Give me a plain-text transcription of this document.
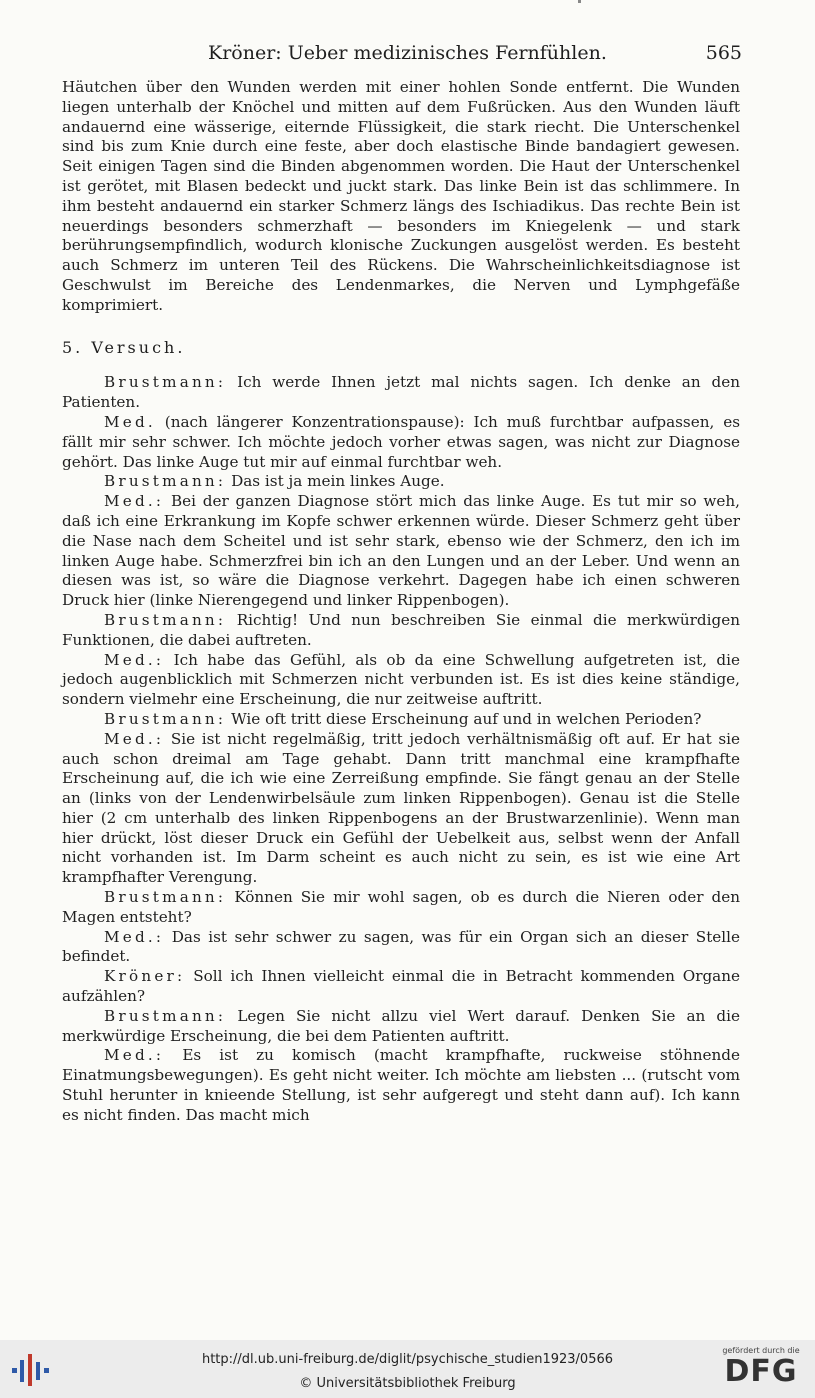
Kröner: Ueber medizinisches Fernfühlen.	565

Häutchen über den Wunden werden mit einer hohlen Sonde entfernt. Die Wunden liegen unterhalb der Knöchel und mitten auf dem Fußrücken. Aus den Wunden läuft andauernd eine wässerige, eiternde Flüssigkeit, die stark riecht. Die Unterschenkel sind bis zum Knie durch eine feste, aber doch elastische Binde bandagiert gewesen. Seit einigen Tagen sind die Binden abgenommen worden. Die Haut der Unterschenkel ist gerötet, mit Blasen bedeckt und juckt stark. Das linke Bein ist das schlimmere. In ihm besteht andauernd ein starker Schmerz längs des Ischiadikus. Das rechte Bein ist neuerdings besonders schmerzhaft — besonders im Kniegelenk — und stark berührungsempfindlich, wodurch klonische Zuckungen ausgelöst werden. Es besteht auch Schmerz im unteren Teil des Rückens. Die Wahrscheinlichkeitsdiagnose ist Geschwulst im Bereiche des Lendenmarkes, die Nerven und Lymphgefäße komprimiert.

5. Versuch.

Brustmann: Ich werde Ihnen jetzt mal nichts sagen. Ich denke an den Patienten.

Med. (nach längerer Konzentrationspause): Ich muß furchtbar aufpassen, es fällt mir sehr schwer. Ich möchte jedoch vorher etwas sagen, was nicht zur Diagnose gehört. Das linke Auge tut mir auf einmal furchtbar weh.

Brustmann: Das ist ja mein linkes Auge.

Med.: Bei der ganzen Diagnose stört mich das linke Auge. Es tut mir so weh, daß ich eine Erkrankung im Kopfe schwer erkennen würde. Dieser Schmerz geht über die Nase nach dem Scheitel und ist sehr stark, ebenso wie der Schmerz, den ich im linken Auge habe. Schmerzfrei bin ich an den Lungen und an der Leber. Und wenn an diesen was ist, so wäre die Diagnose verkehrt. Dagegen habe ich einen schweren Druck hier (linke Nierengegend und linker Rippenbogen).

Brustmann: Richtig! Und nun beschreiben Sie einmal die merkwürdigen Funktionen, die dabei auftreten.

Med.: Ich habe das Gefühl, als ob da eine Schwellung aufgetreten ist, die jedoch augenblicklich mit Schmerzen nicht verbunden ist. Es ist dies keine ständige, sondern vielmehr eine Erscheinung, die nur zeitweise auftritt.

Brustmann: Wie oft tritt diese Erscheinung auf und in welchen Perioden?

Med.: Sie ist nicht regelmäßig, tritt jedoch verhältnismäßig oft auf. Er hat sie auch schon dreimal am Tage gehabt. Dann tritt manchmal eine krampfhafte Erscheinung auf, die ich wie eine Zerreißung empfinde. Sie fängt genau an der Stelle an (links von der Lendenwirbelsäule zum linken Rippenbogen). Genau ist die Stelle hier (2 cm unterhalb des linken Rippenbogens an der Brustwarzenlinie). Wenn man hier drückt, löst dieser Druck ein Gefühl der Uebelkeit aus, selbst wenn der Anfall nicht vorhanden ist. Im Darm scheint es auch nicht zu sein, es ist wie eine Art krampfhafter Verengung.

Brustmann: Können Sie mir wohl sagen, ob es durch die Nieren oder den Magen entsteht?

Med.: Das ist sehr schwer zu sagen, was für ein Organ sich an dieser Stelle befindet.

Kröner: Soll ich Ihnen vielleicht einmal die in Betracht kommenden Organe aufzählen?

Brustmann: Legen Sie nicht allzu viel Wert darauf. Denken Sie an die merkwürdige Erscheinung, die bei dem Patienten auftritt.

Med.: Es ist zu komisch (macht krampfhafte, ruckweise stöhnende Einatmungsbewegungen). Es geht nicht weiter. Ich möchte am liebsten ... (rutscht vom Stuhl herunter in knieende Stellung, ist sehr aufgeregt und steht dann auf). Ich kann es nicht finden. Das macht mich

http://dl.ub.uni-freiburg.de/diglit/psychische_studien1923/0566
© Universitätsbibliothek Freiburg
gefördert durch die
DFG
